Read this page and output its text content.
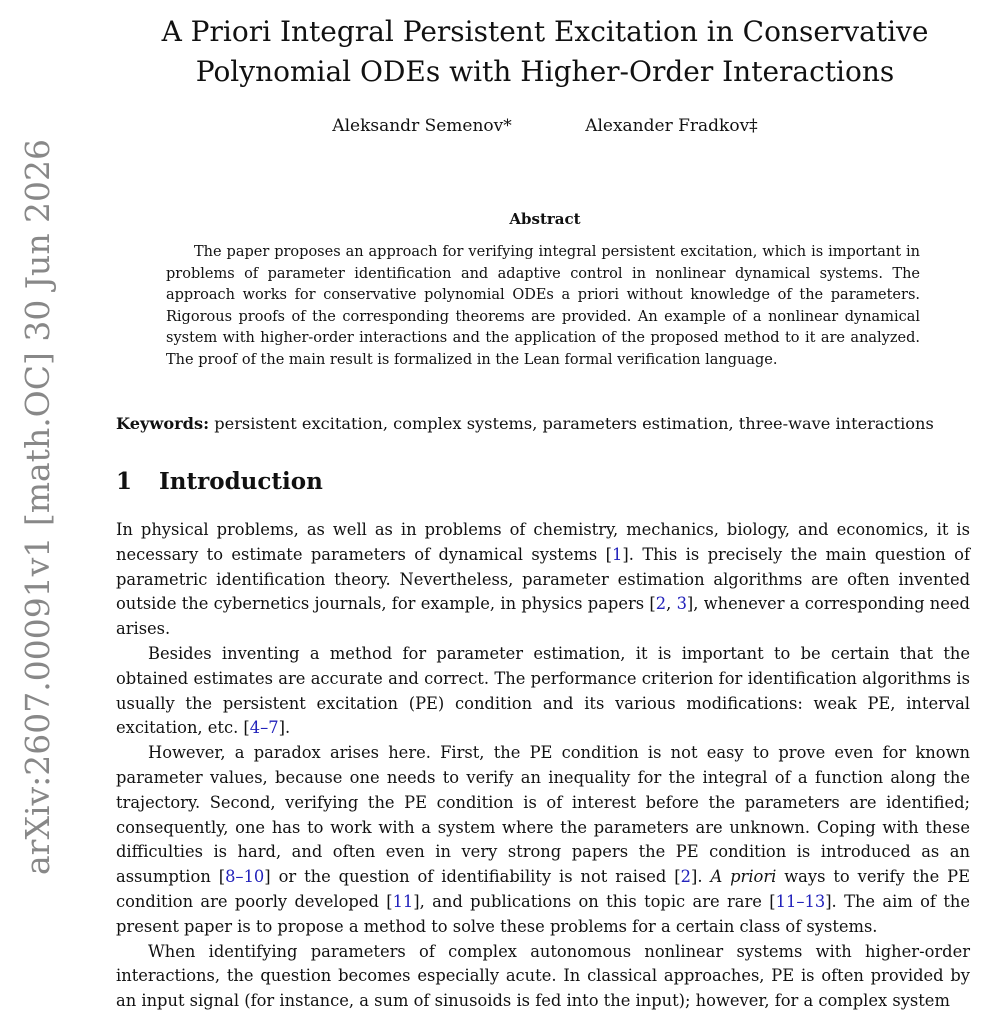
arXiv:2607.00091v1 [math.OC] 30 Jun 2026
A Priori Integral Persistent Excitation in Conservative
Polynomial ODEs with Higher-Order Interactions
Aleksandr Semenov*	Alexander Fradkov‡
Abstract

The paper proposes an approach for verifying integral persistent excitation, which is important in problems of parameter identification and adaptive control in nonlinear dynamical systems. The approach works for conservative polynomial ODEs a priori without knowledge of the parameters. Rigorous proofs of the corresponding theorems are provided. An example of a nonlinear dynamical system with higher-order interactions and the application of the proposed method to it are analyzed. The proof of the main result is formalized in the Lean formal verification language.

Keywords: persistent excitation, complex systems, parameters estimation, three-wave interactions

1 Introduction

In physical problems, as well as in problems of chemistry, mechanics, biology, and economics, it is necessary to estimate parameters of dynamical systems [1]. This is precisely the main question of parametric identification theory. Nevertheless, parameter estimation algorithms are often invented outside the cybernetics journals, for example, in physics papers [2, 3], whenever a corresponding need arises.

Besides inventing a method for parameter estimation, it is important to be certain that the obtained estimates are accurate and correct. The performance criterion for identification algorithms is usually the persistent excitation (PE) condition and its various modifications: weak PE, interval excitation, etc. [4–7].

However, a paradox arises here. First, the PE condition is not easy to prove even for known parameter values, because one needs to verify an inequality for the integral of a function along the trajectory. Second, verifying the PE condition is of interest before the parameters are identified; consequently, one has to work with a system where the parameters are unknown. Coping with these difficulties is hard, and often even in very strong papers the PE condition is introduced as an assumption [8–10] or the question of identifiability is not raised [2]. A priori ways to verify the PE condition are poorly developed [11], and publications on this topic are rare [11–13]. The aim of the present paper is to propose a method to solve these problems for a certain class of systems.

When identifying parameters of complex autonomous nonlinear systems with higher-order interactions, the question becomes especially acute. In classical approaches, PE is often provided by an input signal (for instance, a sum of sinusoids is fed into the input); however, for a complex system
